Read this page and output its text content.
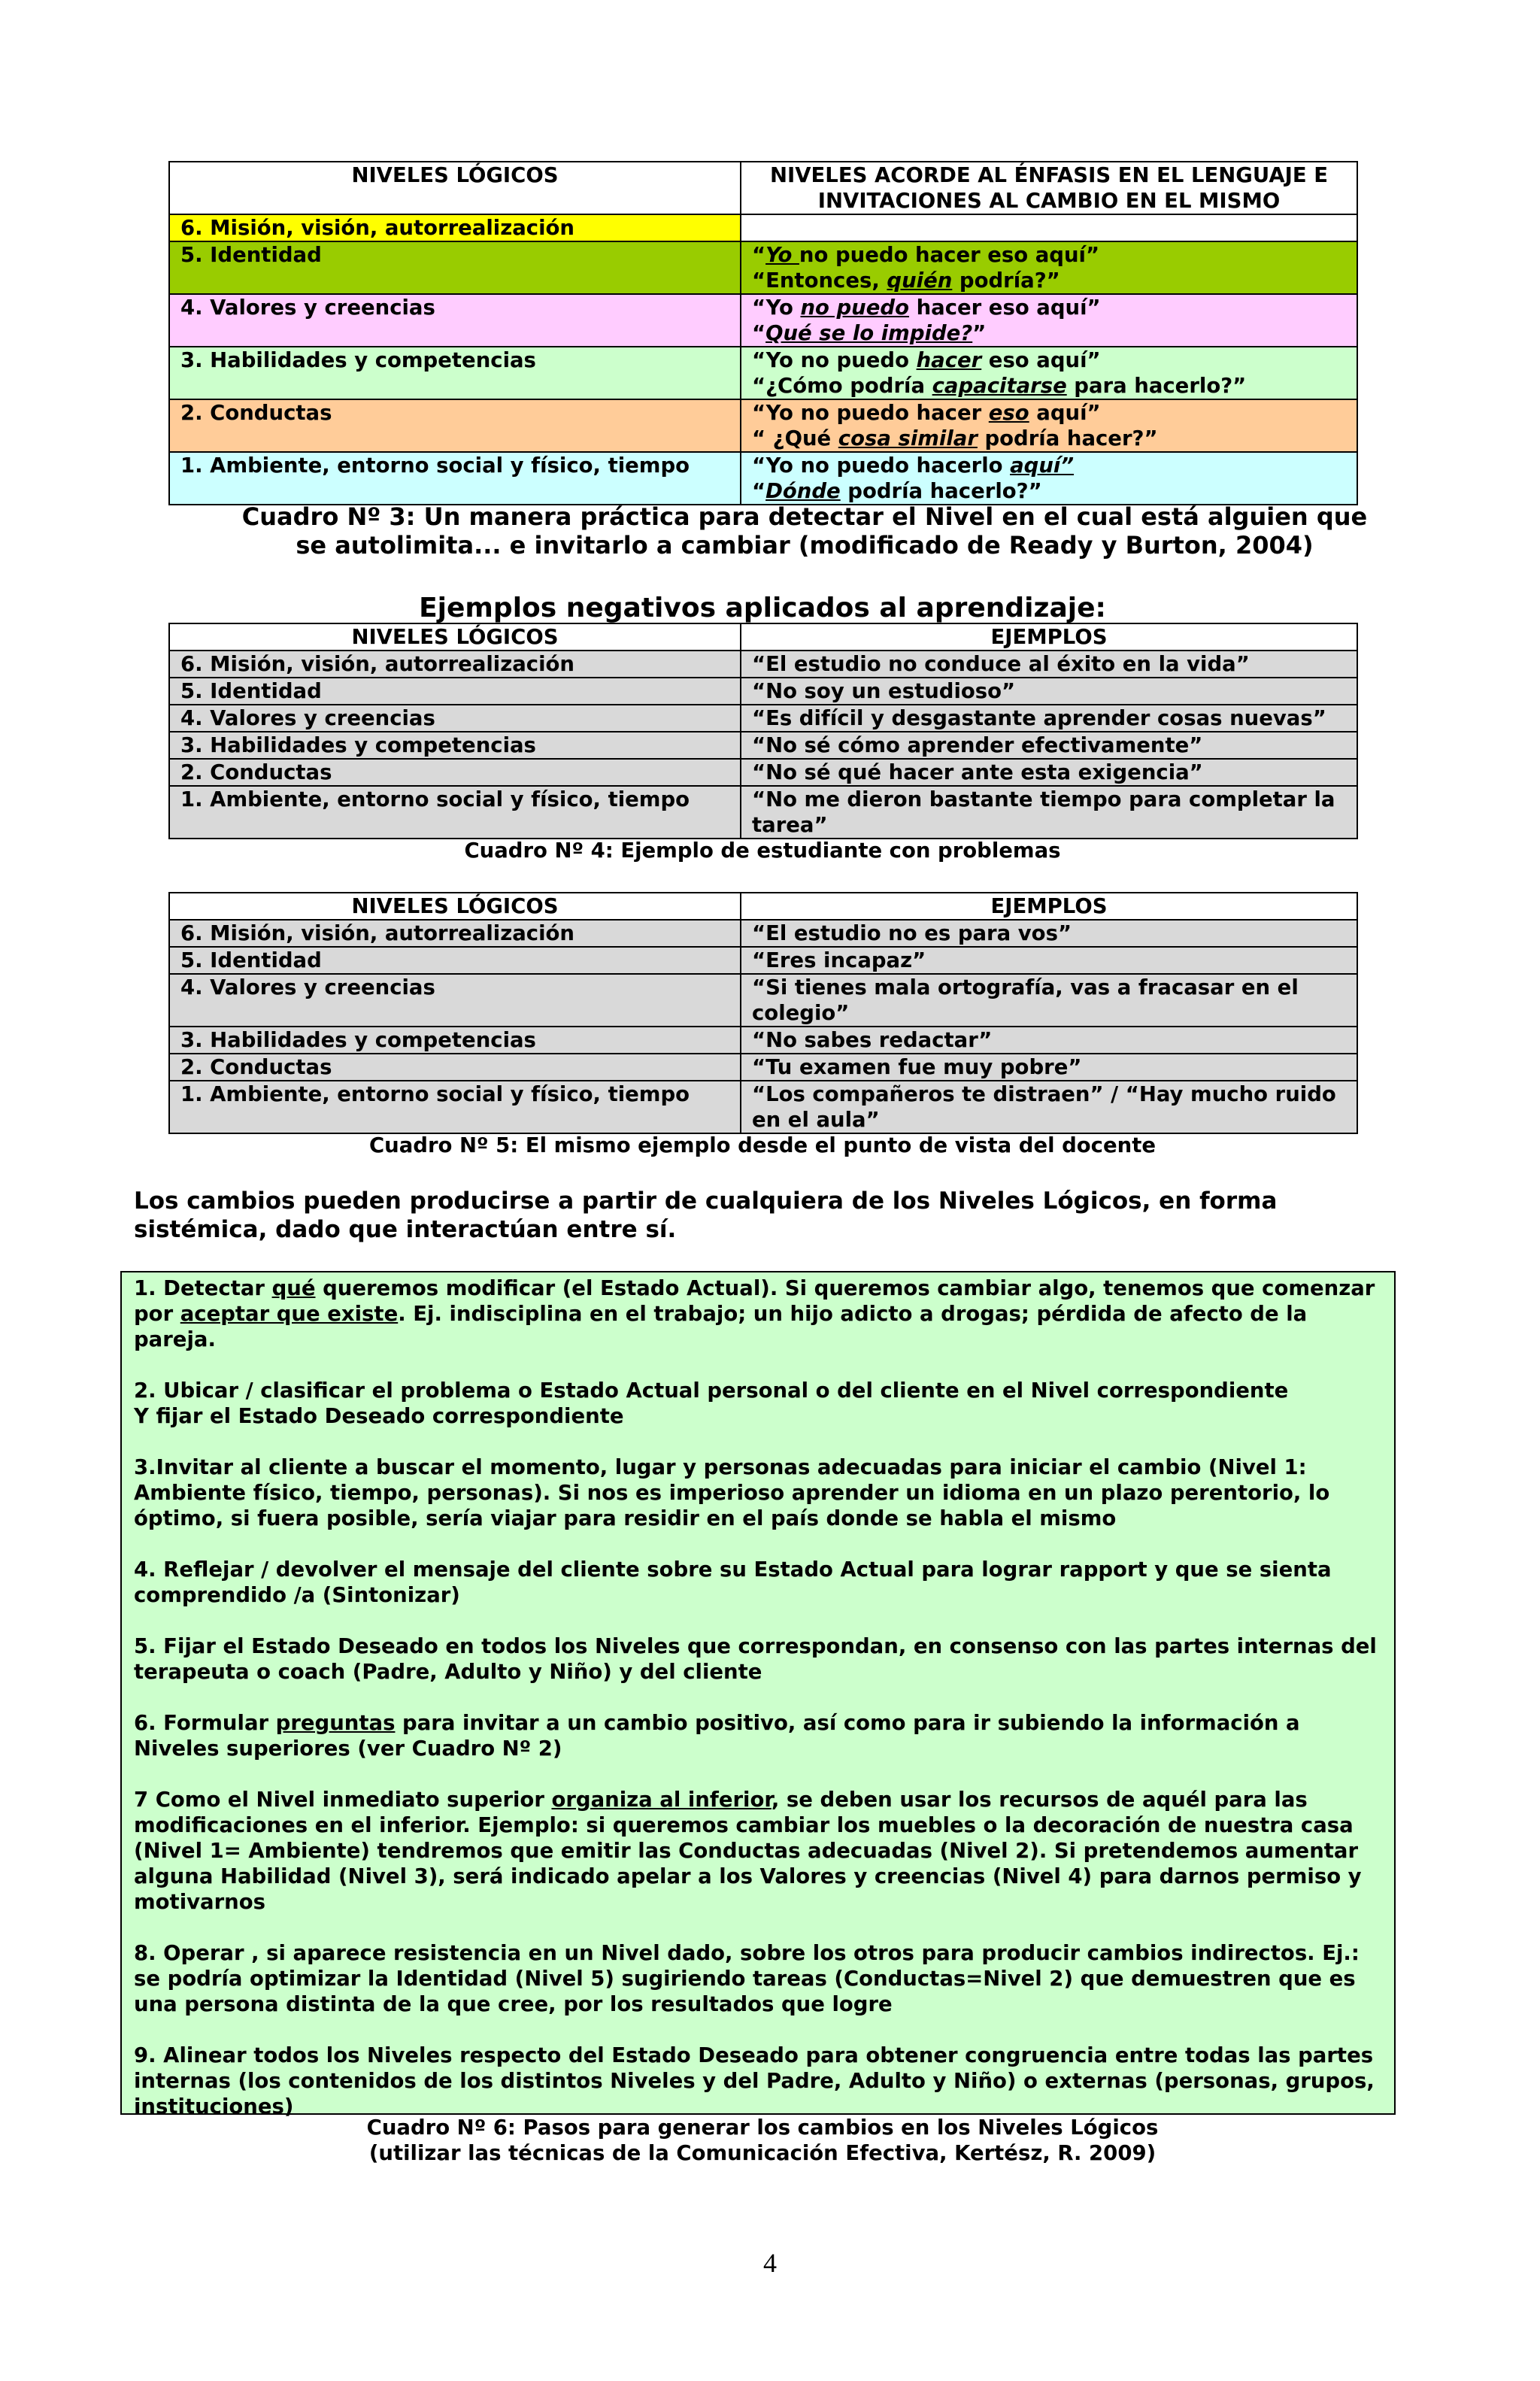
NIVELES LÓGICOS	NIVELES ACORDE AL ÉNFASIS EN EL LENGUAJE E INVITACIONES AL CAMBIO EN EL MISMO
6. Misión, visión, autorrealización	
5. Identidad	“Yo no puedo hacer eso aquí”
“Entonces, quién podría?”

4. Valores y creencias	“Yo no puedo hacer eso aquí”
“Qué se lo impide?”

3. Habilidades y competencias	“Yo no puedo hacer eso aquí”
“¿Cómo podría capacitarse para hacerlo?”

2. Conductas	“Yo no puedo hacer eso aquí”
“ ¿Qué cosa similar podría hacer?”

1. Ambiente, entorno social y físico, tiempo	“Yo no puedo hacerlo aquí”
“Dónde podría hacerlo?”
Cuadro Nº 3: Un manera práctica para detectar el Nivel en el cual está alguien que se autolimita... e invitarlo a cambiar (modificado de Ready y Burton, 2004)
Ejemplos negativos aplicados al aprendizaje:
NIVELES LÓGICOS	EJEMPLOS
6. Misión, visión, autorrealización	“El estudio no conduce al éxito en la vida”
5. Identidad	“No soy un estudioso”
4. Valores y creencias	“Es difícil y desgastante aprender cosas nuevas”
3. Habilidades y competencias	“No sé cómo aprender efectivamente”
2. Conductas	“No sé qué hacer ante esta exigencia”
1. Ambiente, entorno social y físico, tiempo	“No me dieron bastante tiempo para completar la tarea”
Cuadro Nº 4: Ejemplo de estudiante con problemas
NIVELES LÓGICOS	EJEMPLOS
6. Misión, visión, autorrealización	“El estudio no es para vos”
5. Identidad	“Eres incapaz”
4. Valores y creencias	“Si tienes mala ortografía, vas a fracasar en el colegio”
3. Habilidades y competencias	“No sabes redactar”
2. Conductas	“Tu examen fue muy pobre”
1. Ambiente, entorno social y físico, tiempo	“Los compañeros te distraen” / “Hay mucho ruido en el aula”
Cuadro Nº 5: El mismo ejemplo desde el punto de vista del docente
Los cambios pueden producirse a partir de cualquiera de los Niveles Lógicos, en forma sistémica, dado que interactúan entre sí.

1. Detectar qué queremos modificar (el Estado Actual). Si queremos cambiar algo, tenemos que comenzar por aceptar que existe. Ej. indisciplina en el trabajo; un hijo adicto a drogas; pérdida de afecto de la pareja.

2. Ubicar / clasificar el problema o Estado Actual personal o del cliente en el Nivel correspondiente
Y fijar el Estado Deseado correspondiente

3.Invitar al cliente a buscar el momento, lugar y personas adecuadas para iniciar el cambio (Nivel 1: Ambiente físico, tiempo, personas). Si nos es imperioso aprender un idioma en un plazo perentorio, lo óptimo, si fuera posible, sería viajar para residir en el país donde se habla el mismo

4. Reflejar / devolver el mensaje del cliente sobre su Estado Actual para lograr rapport y que se sienta comprendido /a (Sintonizar)

5. Fijar el Estado Deseado en todos los Niveles que correspondan, en consenso con las partes internas del terapeuta o coach (Padre, Adulto y Niño) y del cliente

6. Formular preguntas para invitar a un cambio positivo, así como para ir subiendo la información a Niveles superiores (ver Cuadro Nº 2)

7 Como el Nivel inmediato superior organiza al inferior, se deben usar los recursos de aquél para las modificaciones en el inferior. Ejemplo: si queremos cambiar los muebles o la decoración de nuestra casa (Nivel 1= Ambiente) tendremos que emitir las Conductas adecuadas (Nivel 2). Si pretendemos aumentar alguna Habilidad (Nivel 3), será indicado apelar a los Valores y creencias (Nivel 4) para darnos permiso y motivarnos

8. Operar , si aparece resistencia en un Nivel dado, sobre los otros para producir cambios indirectos. Ej.: se podría optimizar la Identidad (Nivel 5) sugiriendo tareas (Conductas=Nivel 2) que demuestren que es una persona distinta de la que cree, por los resultados que logre

9. Alinear todos los Niveles respecto del Estado Deseado para obtener congruencia entre todas las partes internas (los contenidos de los distintos Niveles y del Padre, Adulto y Niño) o externas (personas, grupos, instituciones)

Cuadro Nº 6: Pasos para generar los cambios en los Niveles Lógicos
(utilizar las técnicas de la Comunicación Efectiva, Kertész, R. 2009)
4
